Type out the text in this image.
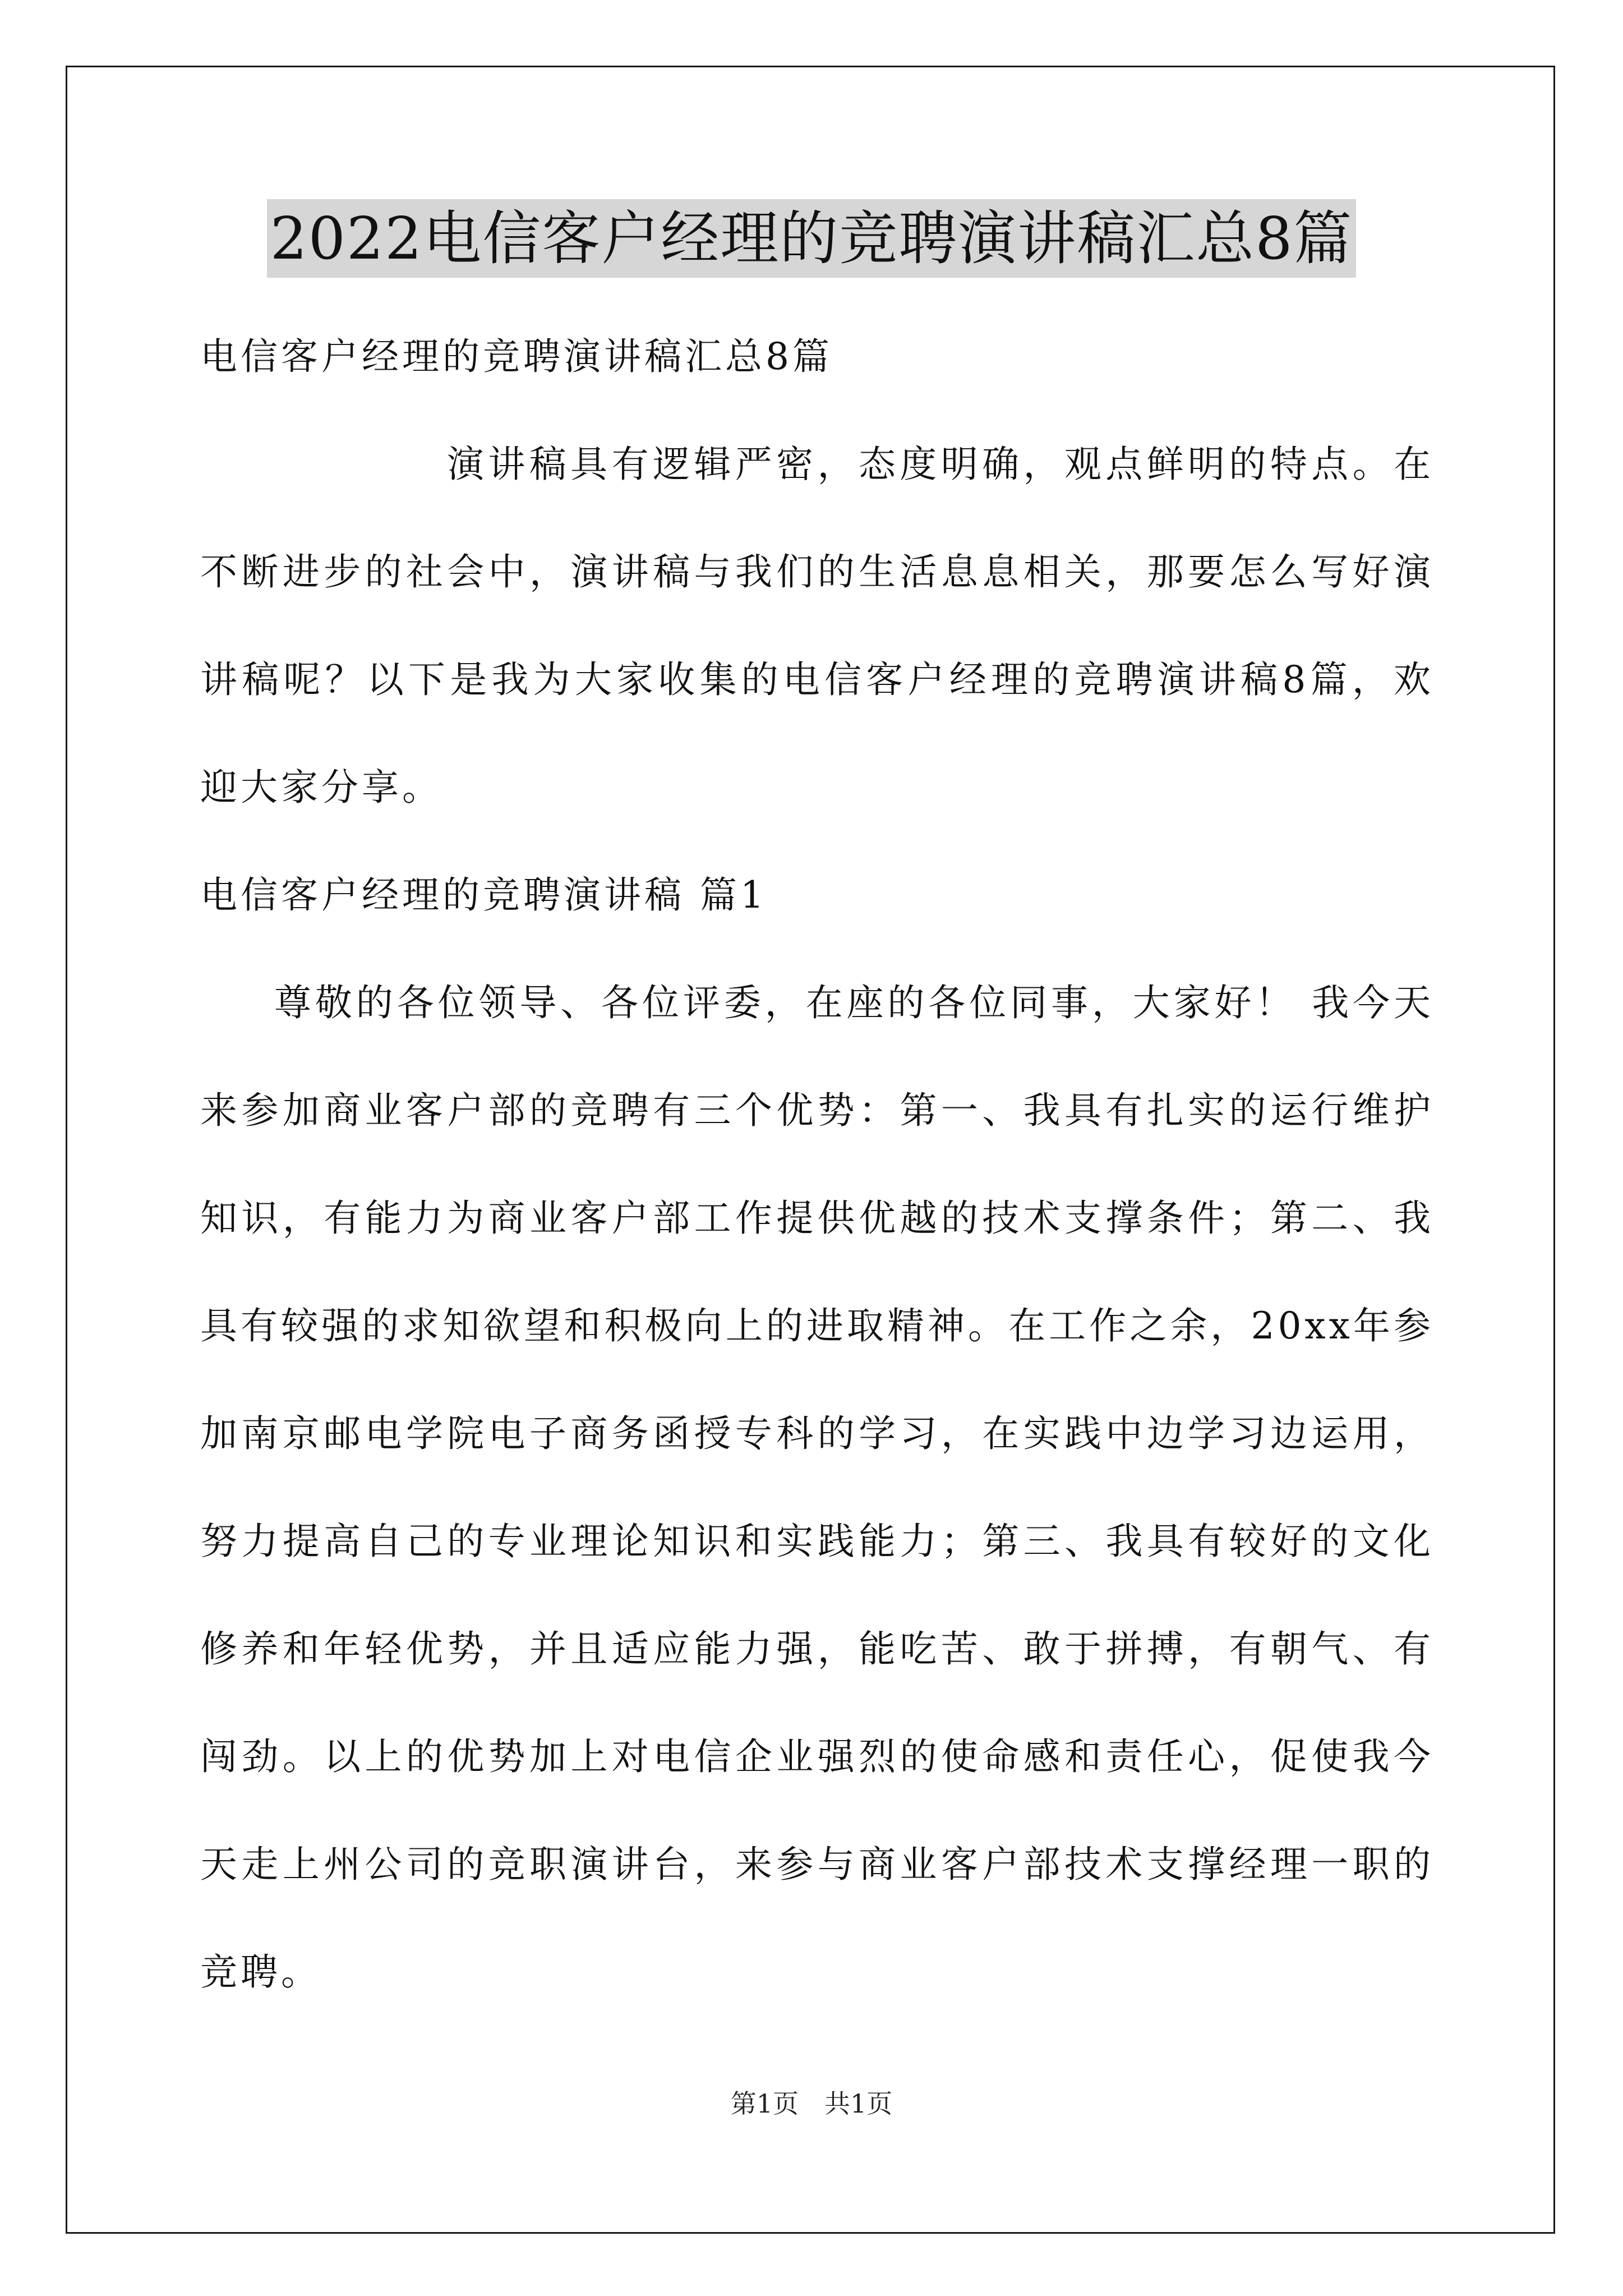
2022电信客户经理的竞聘演讲稿汇总8篇
电信客户经理的竞聘演讲稿汇总8篇
演讲稿具有逻辑严密，态度明确，观点鲜明的特点。在
不断进步的社会中，演讲稿与我们的生活息息相关，那要怎么写好演
讲稿呢？以下是我为大家收集的电信客户经理的竞聘演讲稿8篇，欢
迎大家分享。
电信客户经理的竞聘演讲稿 篇1
尊敬的各位领导、各位评委，在座的各位同事，大家好！ 我今天
来参加商业客户部的竞聘有三个优势：第一、我具有扎实的运行维护
知识，有能力为商业客户部工作提供优越的技术支撑条件；第二、我
具有较强的求知欲望和积极向上的进取精神。在工作之余，20xx年参
加南京邮电学院电子商务函授专科的学习，在实践中边学习边运用，
努力提高自己的专业理论知识和实践能力；第三、我具有较好的文化
修养和年轻优势，并且适应能力强，能吃苦、敢于拼搏，有朝气、有
闯劲。以上的优势加上对电信企业强烈的使命感和责任心，促使我今
天走上州公司的竞职演讲台，来参与商业客户部技术支撑经理一职的
竞聘。
第1页　共1页
